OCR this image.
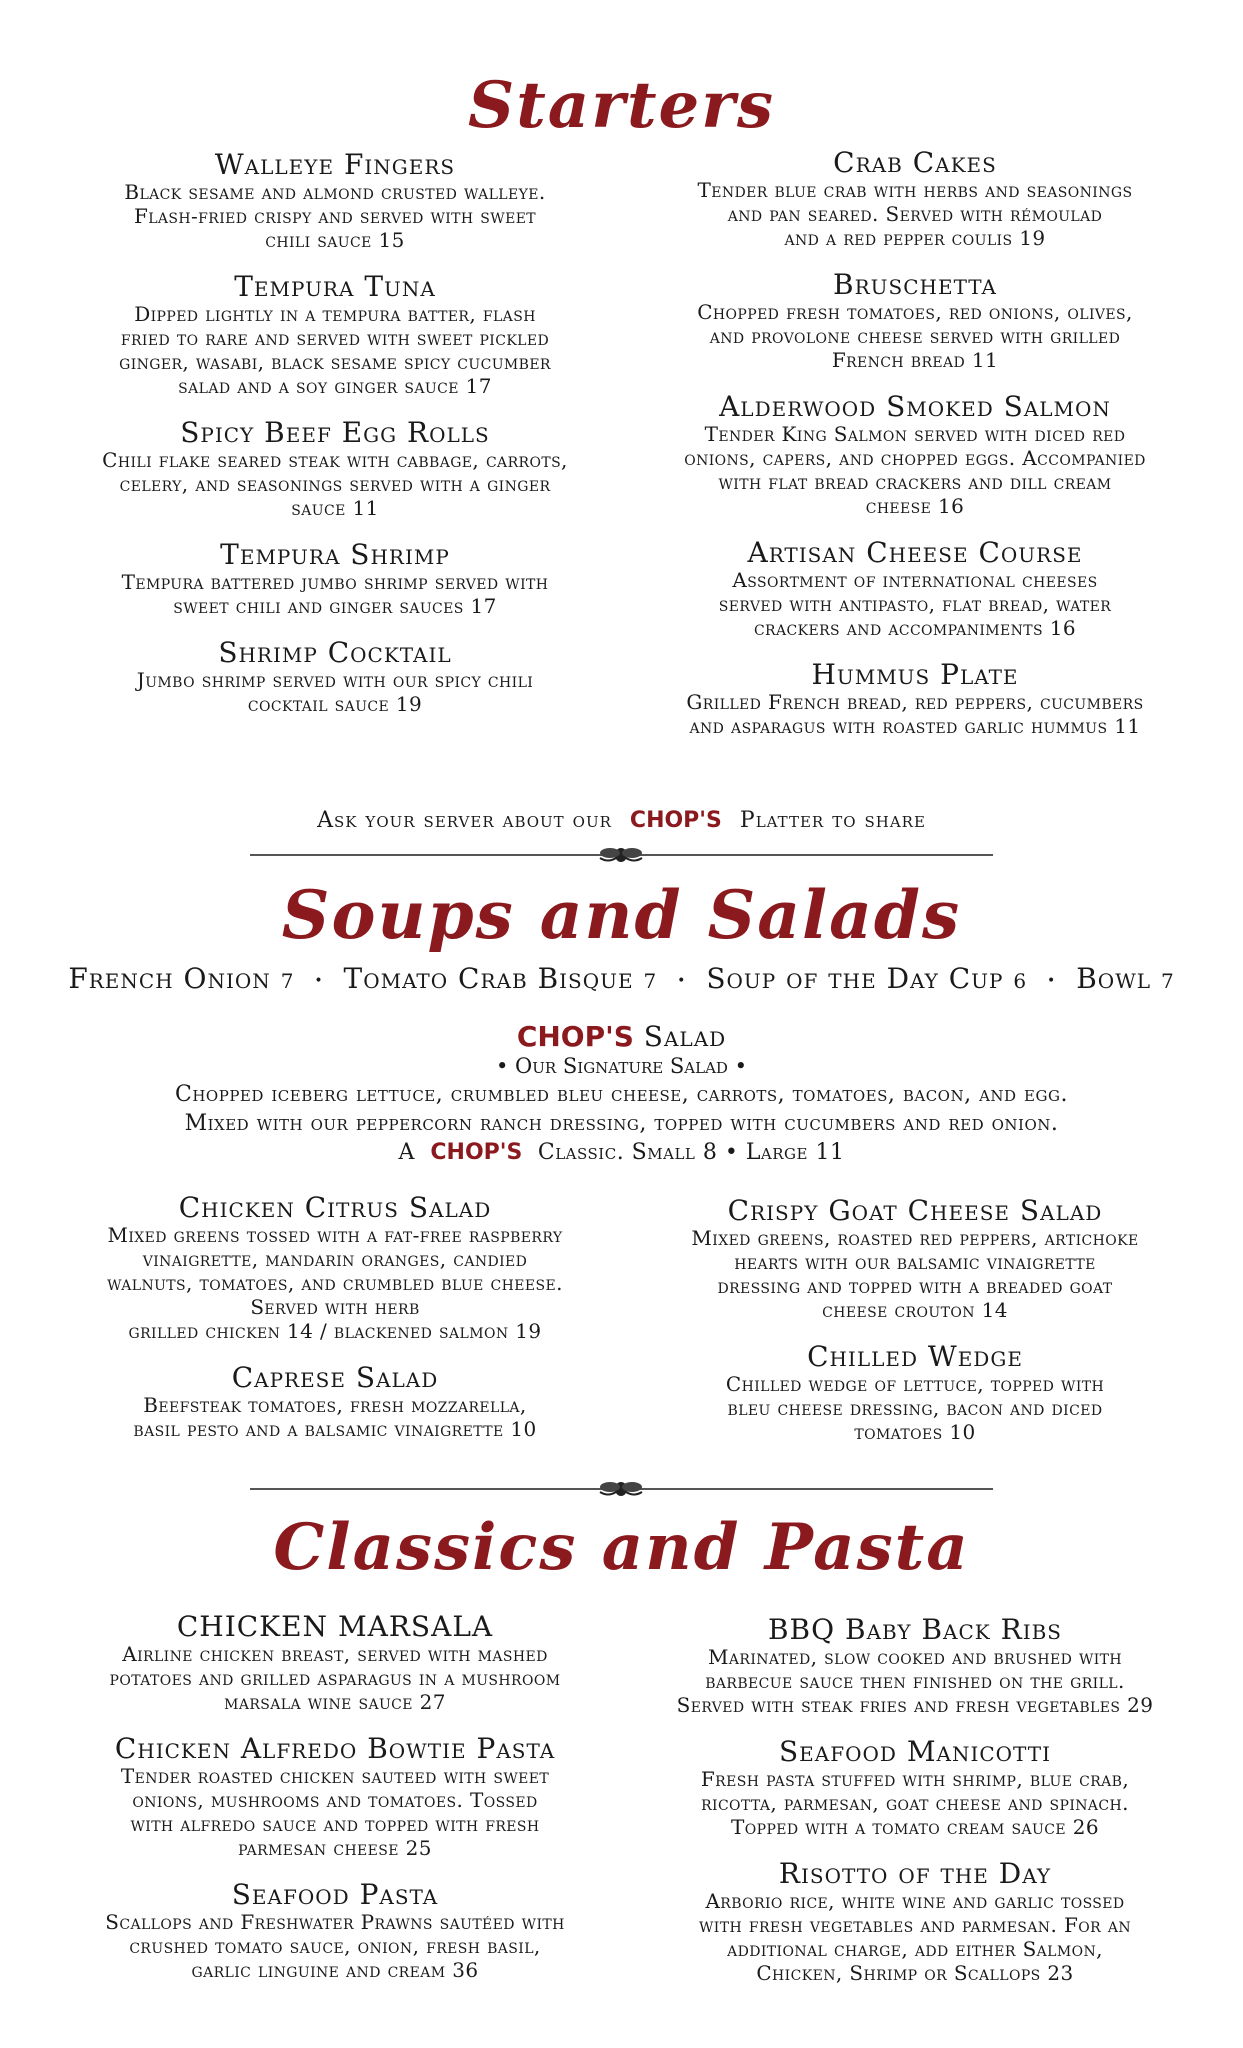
Starters
Walleye Fingers
Black sesame and almond crusted walleye.
Flash-fried crispy and served with sweet
chili sauce 15
Tempura Tuna
Dipped lightly in a tempura batter, flash
fried to rare and served with sweet pickled
ginger, wasabi, black sesame spicy cucumber
salad and a soy ginger sauce 17
Spicy Beef Egg Rolls
Chili flake seared steak with cabbage, carrots,
celery, and seasonings served with a ginger
sauce 11
Tempura Shrimp
Tempura battered jumbo shrimp served with
sweet chili and ginger sauces 17
Shrimp Cocktail
Jumbo shrimp served with our spicy chili
cocktail sauce 19
Crab Cakes
Tender blue crab with herbs and seasonings
and pan seared. Served with rémoulad
and a red pepper coulis 19
Bruschetta
Chopped fresh tomatoes, red onions, olives,
and provolone cheese served with grilled
French bread 11
Alderwood Smoked Salmon
Tender King Salmon served with diced red
onions, capers, and chopped eggs. Accompanied
with flat bread crackers and dill cream
cheese 16
Artisan Cheese Course
Assortment of international cheeses
served with antipasto, flat bread, water
crackers and accompaniments 16
Hummus Plate
Grilled French bread, red peppers, cucumbers
and asparagus with roasted garlic hummus 11
Ask your server about our CHOP'S Platter to share
Soups and Salads
French Onion 7 • Tomato Crab Bisque 7 • Soup of the Day Cup 6 • Bowl 7
CHOP'S Salad
• Our Signature Salad •
Chopped iceberg lettuce, crumbled bleu cheese, carrots, tomatoes, bacon, and egg.
Mixed with our peppercorn ranch dressing, topped with cucumbers and red onion.
A CHOP'S Classic. Small 8 • Large 11
Chicken Citrus Salad
Mixed greens tossed with a fat-free raspberry
vinaigrette, mandarin oranges, candied
walnuts, tomatoes, and crumbled blue cheese.
Served with herb
grilled chicken 14 / blackened salmon 19
Caprese Salad
Beefsteak tomatoes, fresh mozzarella,
basil pesto and a balsamic vinaigrette 10
Crispy Goat Cheese Salad
Mixed greens, roasted red peppers, artichoke
hearts with our balsamic vinaigrette
dressing and topped with a breaded goat
cheese crouton 14
Chilled Wedge
Chilled wedge of lettuce, topped with
bleu cheese dressing, bacon and diced
tomatoes 10
Classics and Pasta
CHICKEN MARSALA
Airline chicken breast, served with mashed
potatoes and grilled asparagus in a mushroom
marsala wine sauce 27
Chicken Alfredo Bowtie Pasta
Tender roasted chicken sauteed with sweet
onions, mushrooms and tomatoes. Tossed
with alfredo sauce and topped with fresh
parmesan cheese 25
Seafood Pasta
Scallops and Freshwater Prawns sautéed with
crushed tomato sauce, onion, fresh basil,
garlic linguine and cream 36
BBQ Baby Back Ribs
Marinated, slow cooked and brushed with
barbecue sauce then finished on the grill.
Served with steak fries and fresh vegetables 29
Seafood Manicotti
Fresh pasta stuffed with shrimp, blue crab,
ricotta, parmesan, goat cheese and spinach.
Topped with a tomato cream sauce 26
Risotto of the Day
Arborio rice, white wine and garlic tossed
with fresh vegetables and parmesan. For an
additional charge, add either Salmon,
Chicken, Shrimp or Scallops 23
